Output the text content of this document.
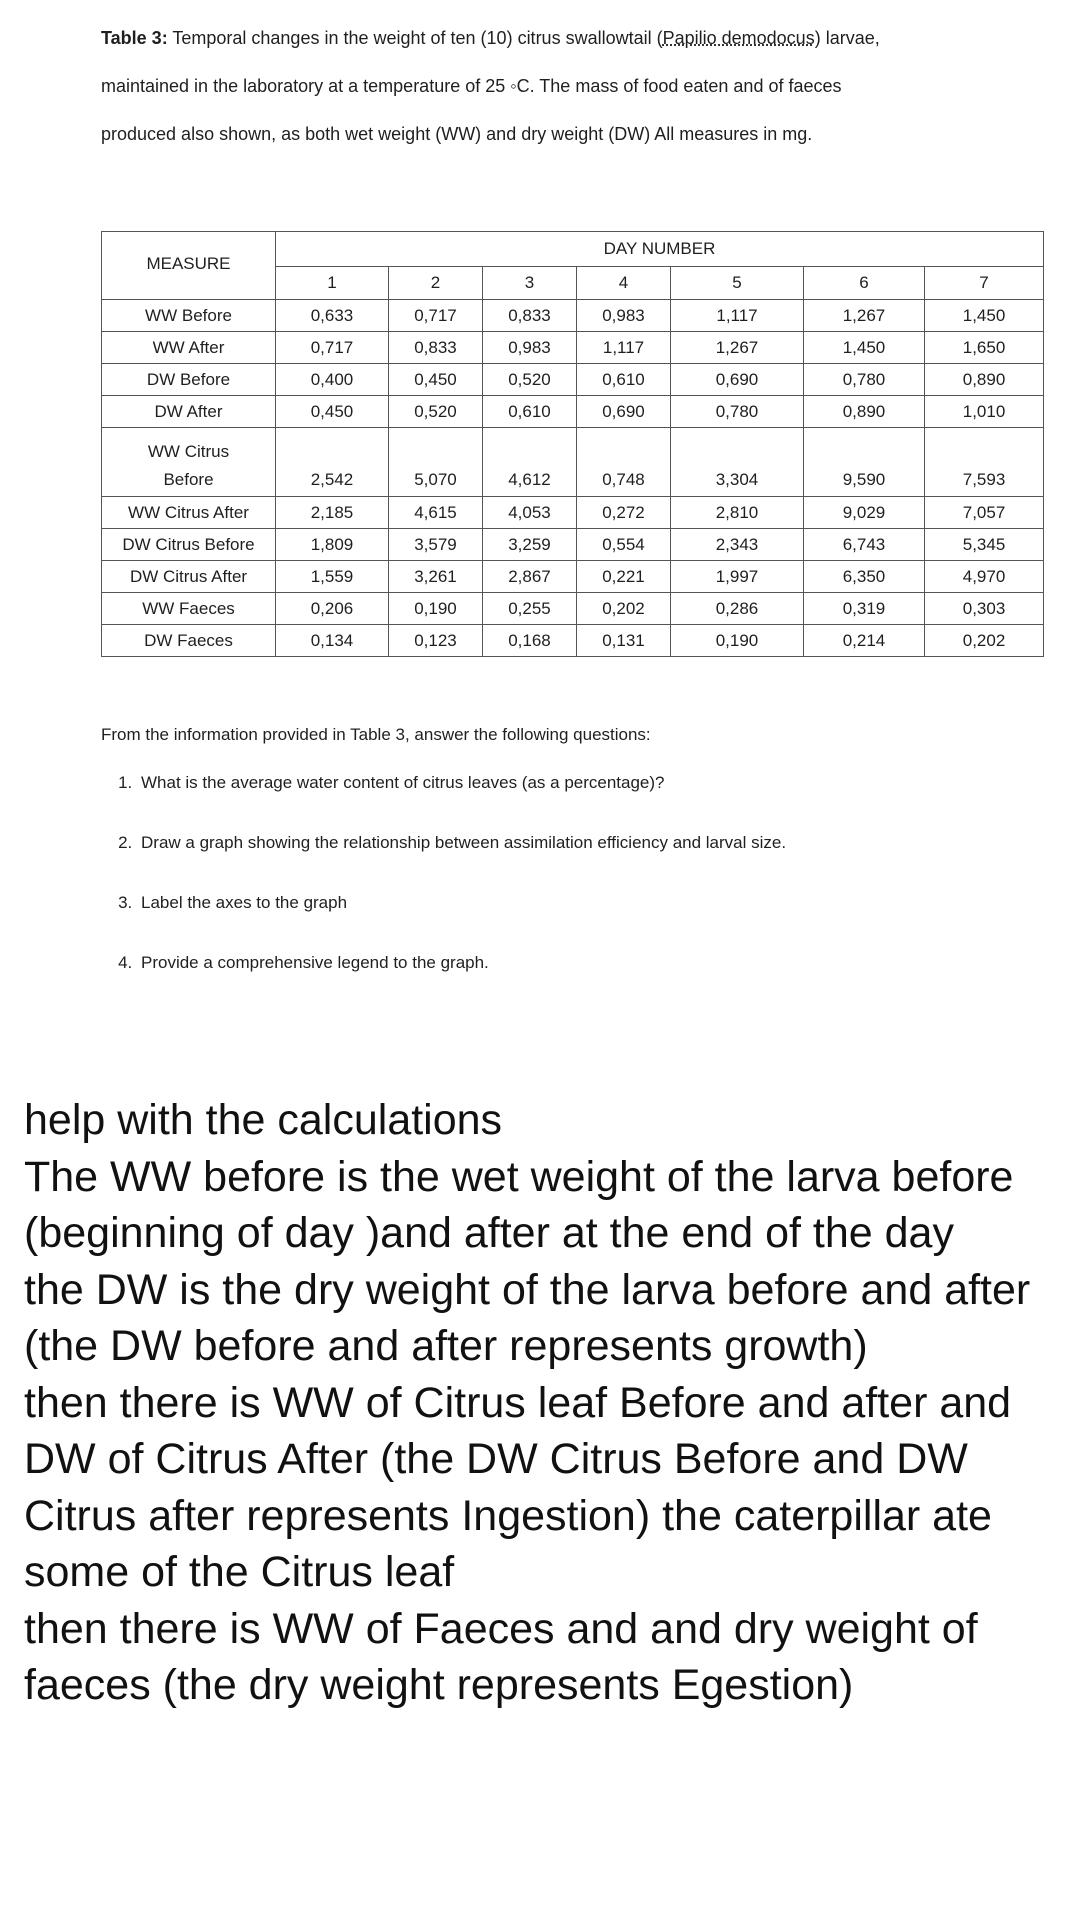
Table 3: Temporal changes in the weight of ten (10) citrus swallowtail (Papilio demodocus) larvae,

maintained in the laboratory at a temperature of 25 ◦C. The mass of food eaten and of faeces

produced also shown, as both wet weight (WW) and dry weight (DW) All measures in mg.

MEASURE	DAY NUMBER						
	1	2	3	4	5	6	7
WW Before	0,633	0,717	0,833	0,983	1,117	1,267	1,450
WW After	0,717	0,833	0,983	1,117	1,267	1,450	1,650
DW Before	0,400	0,450	0,520	0,610	0,690	0,780	0,890
DW After	0,450	0,520	0,610	0,690	0,780	0,890	1,010

WW Citrus
Before	2,542	5,070	4,612	0,748	3,304	9,590	7,593
WW Citrus After	2,185	4,615	4,053	0,272	2,810	9,029	7,057
DW Citrus Before	1,809	3,579	3,259	0,554	2,343	6,743	5,345
DW Citrus After	1,559	3,261	2,867	0,221	1,997	6,350	4,970
WW Faeces	0,206	0,190	0,255	0,202	0,286	0,319	0,303
DW Faeces	0,134	0,123	0,168	0,131	0,190	0,214	0,202

From the information provided in Table 3, answer the following questions:

1. What is the average water content of citrus leaves (as a percentage)?
2. Draw a graph showing the relationship between assimilation efficiency and larval size.
3. Label the axes to the graph
4. Provide a comprehensive legend to the graph.

help with the calculations

The WW before is the wet weight of the larva before (beginning of day )and after at the end of the day

the DW is the dry weight of the larva before and after (the DW before and after represents growth)

then there is WW of Citrus leaf Before and after and DW of Citrus After (the DW Citrus Before and DW Citrus after represents Ingestion) the caterpillar ate some of the Citrus leaf

then there is WW of Faeces and and dry weight of faeces (the dry weight represents Egestion)
